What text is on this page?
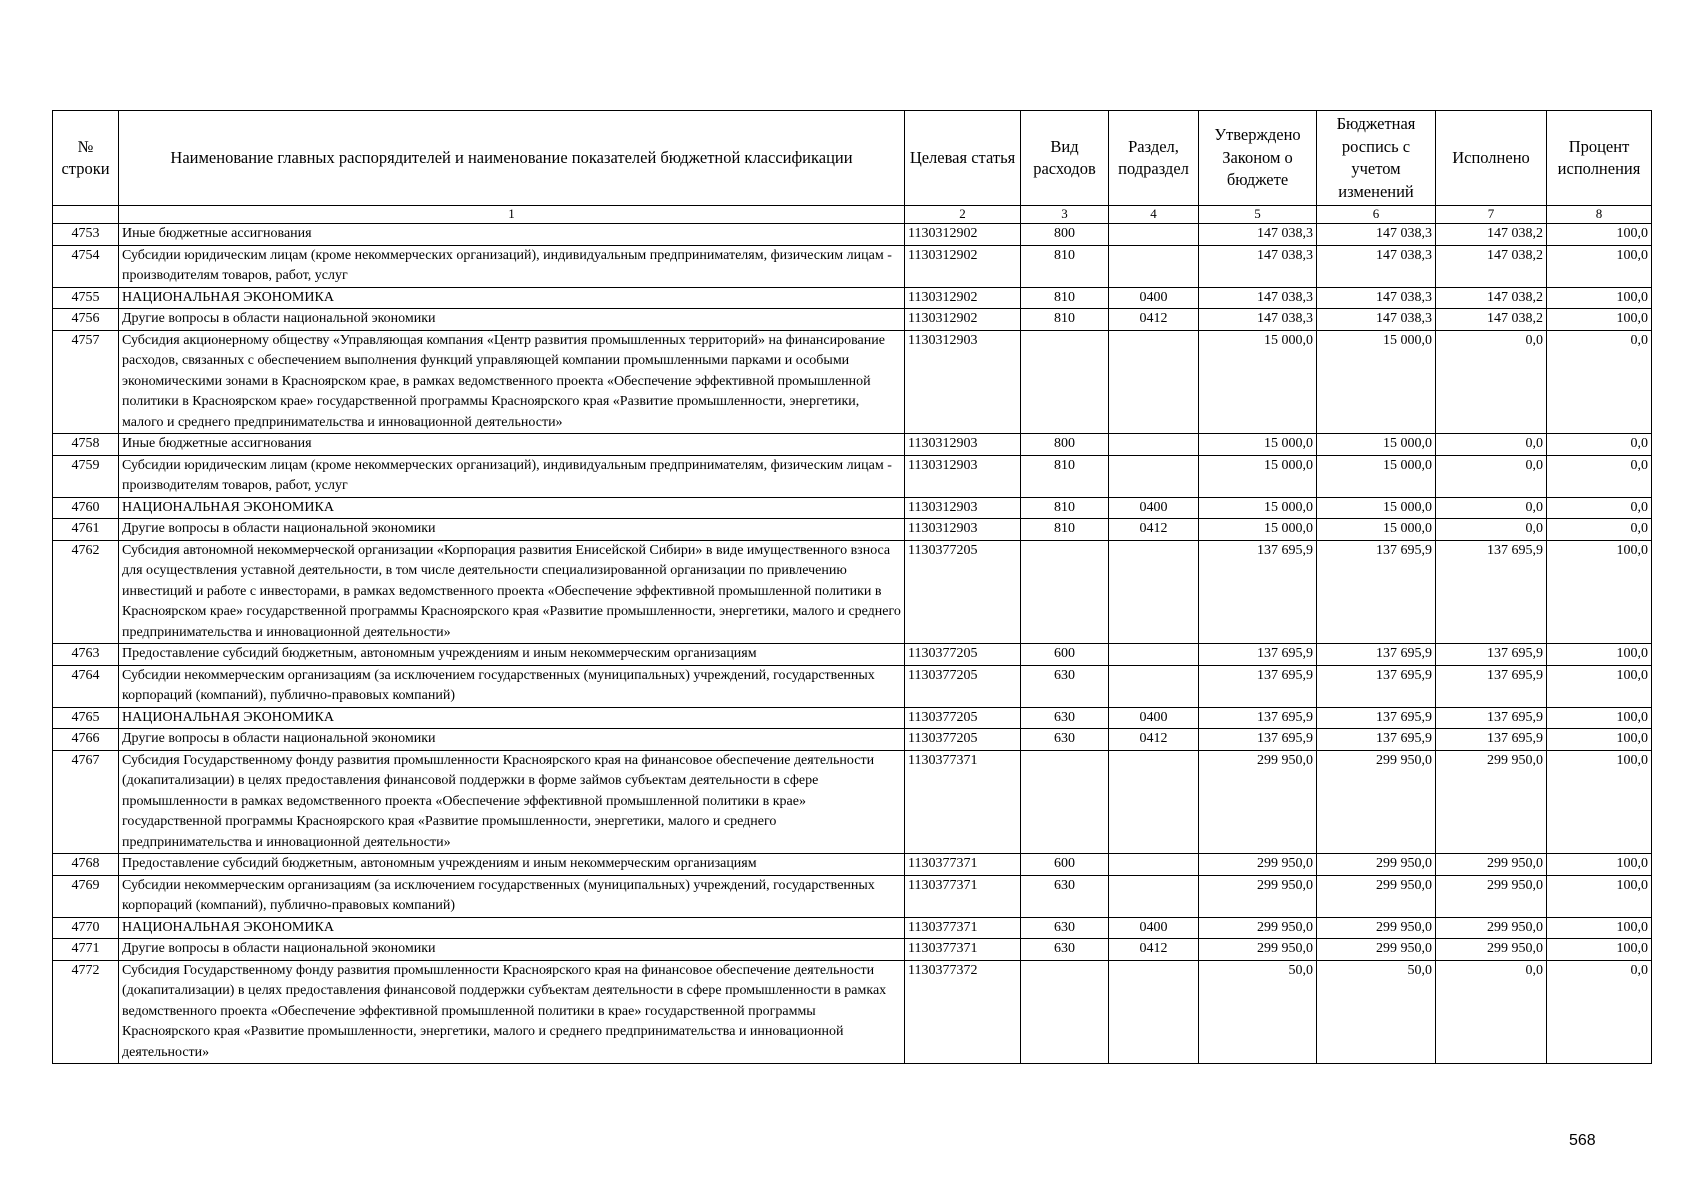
№ строки	Наименование главных распорядителей и наименование показателей бюджетной классификации	Целевая статья	Вид расходов	Раздел, подраздел	Утверждено Законом о бюджете	Бюджетная роспись с учетом изменений	Исполнено	Процент исполнения
	1	2	3	4	5	6	7	8
4753	Иные бюджетные ассигнования	1130312902	800		147 038,3	147 038,3	147 038,2	100,0
4754	Субсидии юридическим лицам (кроме некоммерческих организаций), индивидуальным предпринимателям, физическим лицам - производителям товаров, работ, услуг	1130312902	810		147 038,3	147 038,3	147 038,2	100,0
4755	НАЦИОНАЛЬНАЯ ЭКОНОМИКА	1130312902	810	0400	147 038,3	147 038,3	147 038,2	100,0
4756	Другие вопросы в области национальной экономики	1130312902	810	0412	147 038,3	147 038,3	147 038,2	100,0
4757	Субсидия акционерному обществу «Управляющая компания «Центр развития промышленных территорий» на финансирование расходов, связанных с обеспечением выполнения функций управляющей компании промышленными парками и особыми экономическими зонами в Красноярском крае, в рамках ведомственного проекта «Обеспечение эффективной промышленной политики в Красноярском крае» государственной программы Красноярского края «Развитие промышленности, энергетики, малого и среднего предпринимательства и инновационной деятельности»	1130312903			15 000,0	15 000,0	0,0	0,0
4758	Иные бюджетные ассигнования	1130312903	800		15 000,0	15 000,0	0,0	0,0
4759	Субсидии юридическим лицам (кроме некоммерческих организаций), индивидуальным предпринимателям, физическим лицам - производителям товаров, работ, услуг	1130312903	810		15 000,0	15 000,0	0,0	0,0
4760	НАЦИОНАЛЬНАЯ ЭКОНОМИКА	1130312903	810	0400	15 000,0	15 000,0	0,0	0,0
4761	Другие вопросы в области национальной экономики	1130312903	810	0412	15 000,0	15 000,0	0,0	0,0
4762	Субсидия автономной некоммерческой организации «Корпорация развития Енисейской Сибири» в виде имущественного взноса для осуществления уставной деятельности, в том числе деятельности специализированной организации по привлечению инвестиций и работе с инвесторами, в рамках ведомственного проекта «Обеспечение эффективной промышленной политики в Красноярском крае» государственной программы Красноярского края «Развитие промышленности, энергетики, малого и среднего предпринимательства и инновационной деятельности»	1130377205			137 695,9	137 695,9	137 695,9	100,0
4763	Предоставление субсидий бюджетным, автономным учреждениям и иным некоммерческим организациям	1130377205	600		137 695,9	137 695,9	137 695,9	100,0
4764	Субсидии некоммерческим организациям (за исключением государственных (муниципальных) учреждений, государственных корпораций (компаний), публично-правовых компаний)	1130377205	630		137 695,9	137 695,9	137 695,9	100,0
4765	НАЦИОНАЛЬНАЯ ЭКОНОМИКА	1130377205	630	0400	137 695,9	137 695,9	137 695,9	100,0
4766	Другие вопросы в области национальной экономики	1130377205	630	0412	137 695,9	137 695,9	137 695,9	100,0
4767	Субсидия Государственному фонду развития промышленности Красноярского края на финансовое обеспечение деятельности (докапитализации) в целях предоставления финансовой поддержки в форме займов субъектам деятельности в сфере промышленности в рамках ведомственного проекта «Обеспечение эффективной промышленной политики в крае» государственной программы Красноярского края «Развитие промышленности, энергетики, малого и среднего предпринимательства и инновационной деятельности»	1130377371			299 950,0	299 950,0	299 950,0	100,0
4768	Предоставление субсидий бюджетным, автономным учреждениям и иным некоммерческим организациям	1130377371	600		299 950,0	299 950,0	299 950,0	100,0
4769	Субсидии некоммерческим организациям (за исключением государственных (муниципальных) учреждений, государственных корпораций (компаний), публично-правовых компаний)	1130377371	630		299 950,0	299 950,0	299 950,0	100,0
4770	НАЦИОНАЛЬНАЯ ЭКОНОМИКА	1130377371	630	0400	299 950,0	299 950,0	299 950,0	100,0
4771	Другие вопросы в области национальной экономики	1130377371	630	0412	299 950,0	299 950,0	299 950,0	100,0
4772	Субсидия Государственному фонду развития промышленности Красноярского края на финансовое обеспечение деятельности (докапитализации) в целях предоставления финансовой поддержки субъектам деятельности в сфере промышленности в рамках ведомственного проекта «Обеспечение эффективной промышленной политики в крае» государственной программы Красноярского края «Развитие промышленности, энергетики, малого и среднего предпринимательства и инновационной деятельности»	1130377372			50,0	50,0	0,0	0,0
568
